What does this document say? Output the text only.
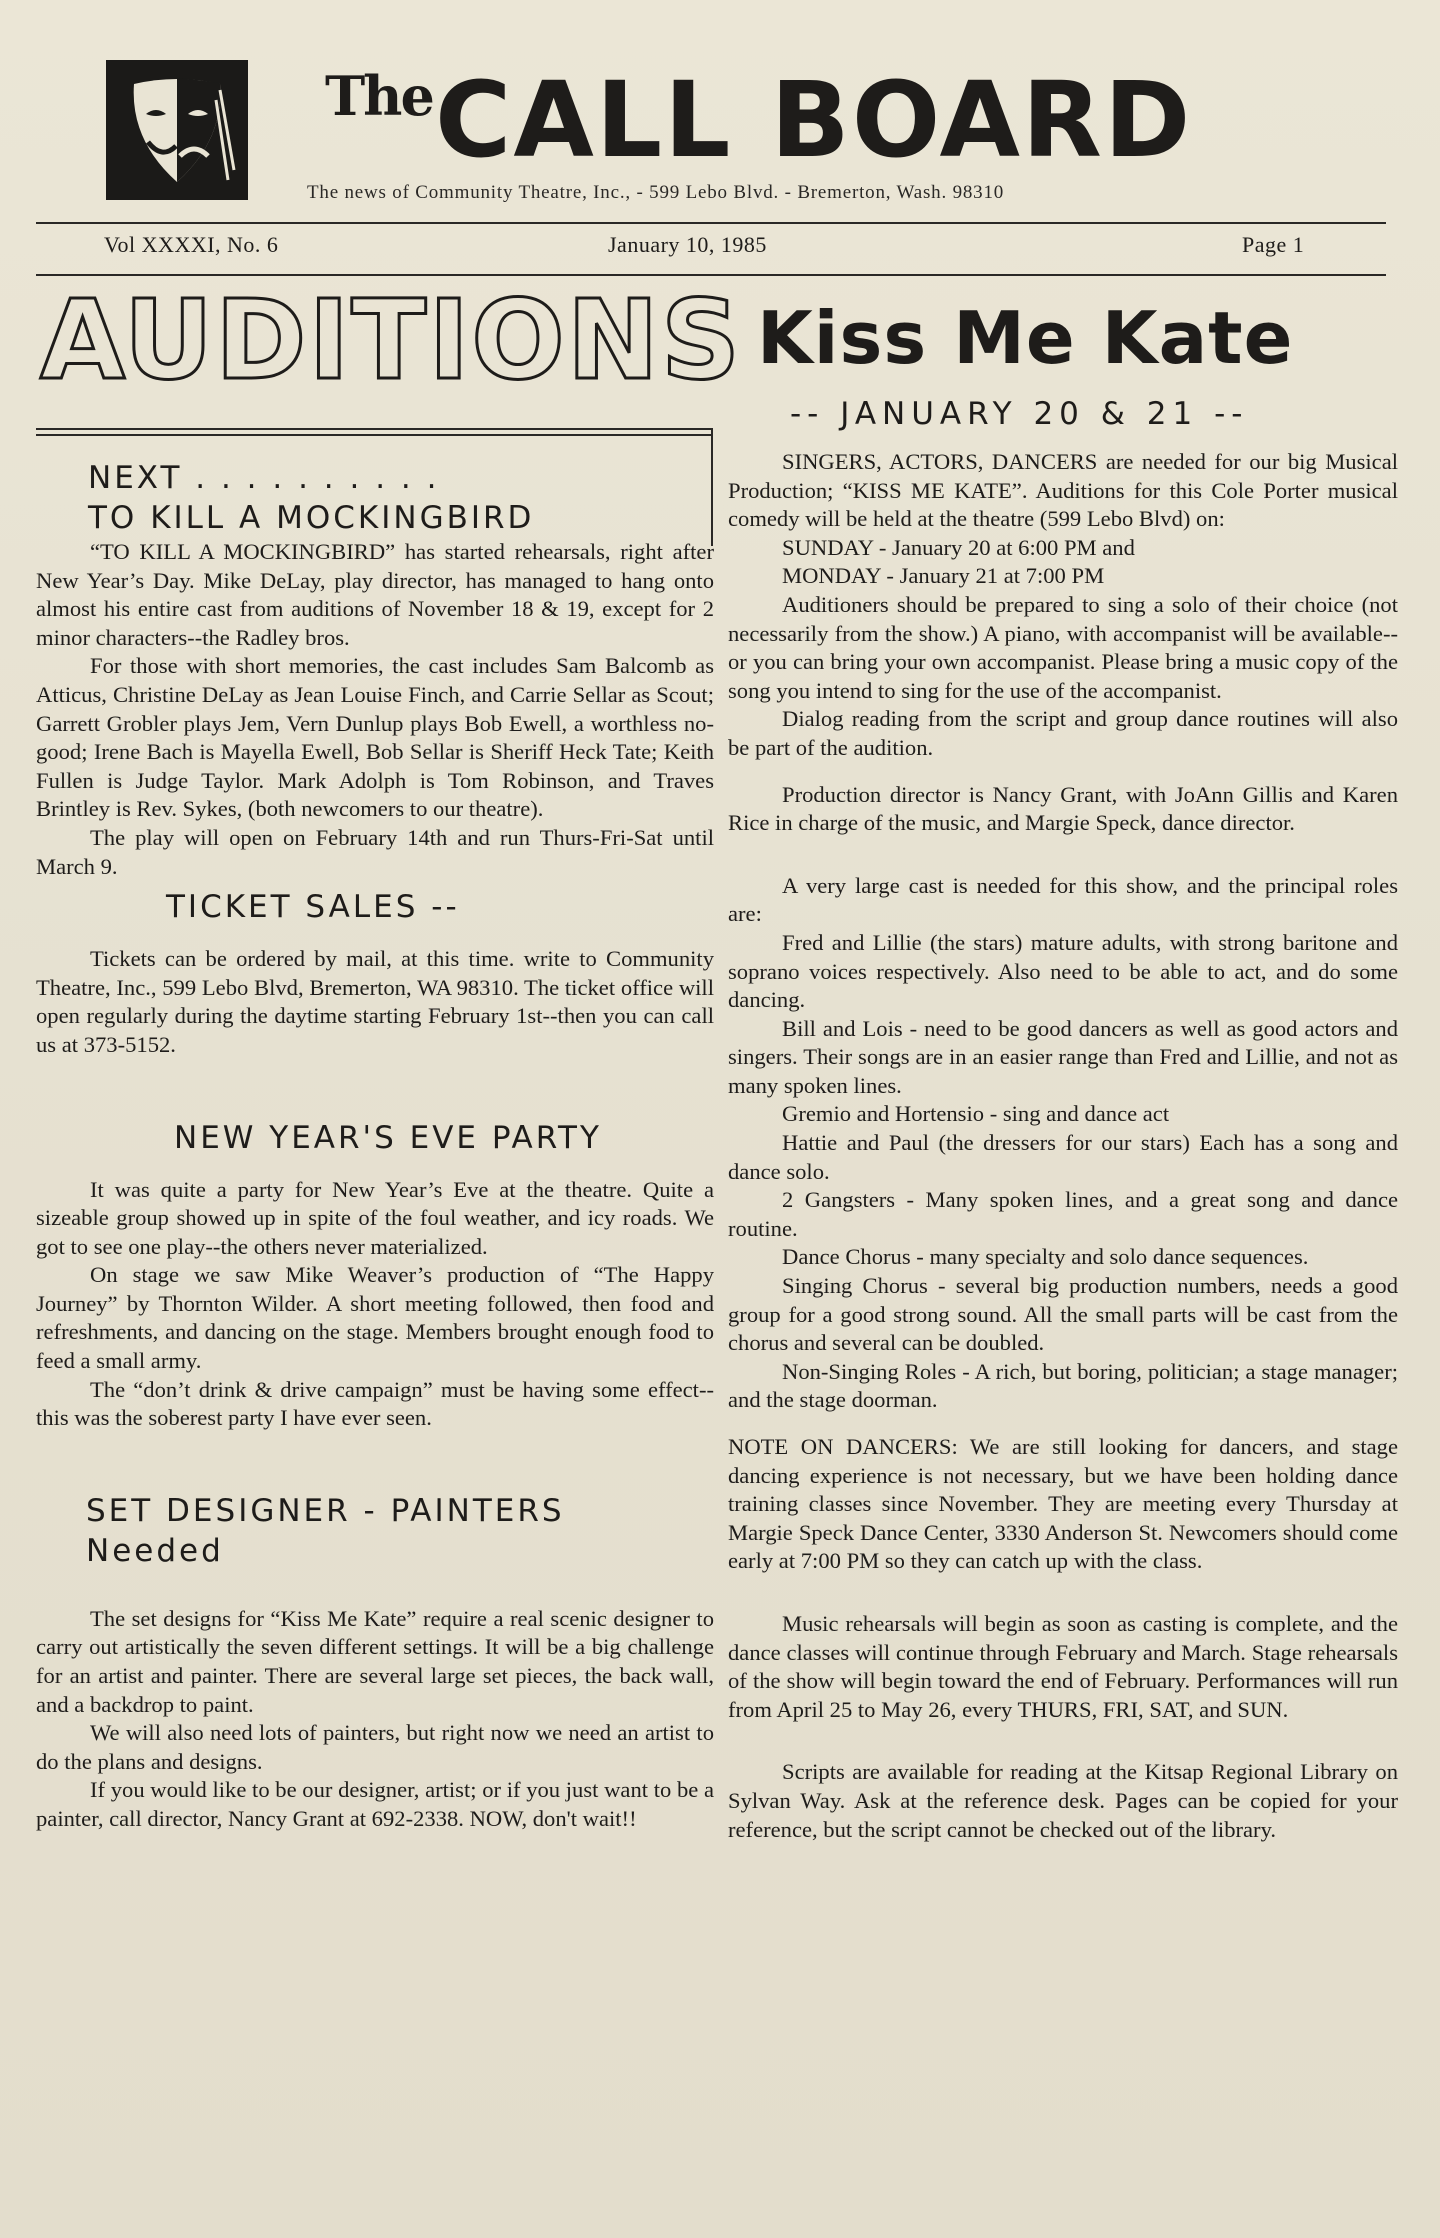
The CALL BOARD
The news of Community Theatre, Inc., - 599 Lebo Blvd. - Bremerton, Wash. 98310
Vol XXXXI, No. 6	January 10, 1985	Page 1
AUDITIONS Kiss Me Kate
-- JANUARY 20 & 21 --

NEXT . . . . . . . . . .

TO KILL A MOCKINGBIRD

“TO KILL A MOCKINGBIRD” has started rehearsals, right after New Year’s Day. Mike DeLay, play director, has managed to hang onto almost his entire cast from auditions of November 18 & 19, except for 2 minor characters--the Radley bros.

For those with short memories, the cast includes Sam Balcomb as Atticus, Christine DeLay as Jean Louise Finch, and Carrie Sellar as Scout; Garrett Grobler plays Jem, Vern Dunlup plays Bob Ewell, a worthless no-good; Irene Bach is Mayella Ewell, Bob Sellar is Sheriff Heck Tate; Keith Fullen is Judge Taylor. Mark Adolph is Tom Robinson, and Traves Brintley is Rev. Sykes, (both newcomers to our theatre).

The play will open on February 14th and run Thurs-Fri-Sat until March 9.

TICKET SALES --

Tickets can be ordered by mail, at this time. write to Community Theatre, Inc., 599 Lebo Blvd, Bremerton, WA 98310. The ticket office will open regularly during the daytime starting February 1st--then you can call us at 373-5152.

NEW YEAR'S EVE PARTY

It was quite a party for New Year’s Eve at the theatre. Quite a sizeable group showed up in spite of the foul weather, and icy roads. We got to see one play--the others never materialized.

On stage we saw Mike Weaver’s production of “The Happy Journey” by Thornton Wilder. A short meeting followed, then food and refreshments, and dancing on the stage. Members brought enough food to feed a small army.

The “don’t drink & drive campaign” must be having some effect--this was the soberest party I have ever seen.

SET DESIGNER - PAINTERS Needed

The set designs for “Kiss Me Kate” require a real scenic designer to carry out artistically the seven different settings. It will be a big challenge for an artist and painter. There are several large set pieces, the back wall, and a backdrop to paint.

We will also need lots of painters, but right now we need an artist to do the plans and designs.

If you would like to be our designer, artist; or if you just want to be a painter, call director, Nancy Grant at 692-2338. NOW, don't wait!!

SINGERS, ACTORS, DANCERS are needed for our big Musical Production; “KISS ME KATE”. Auditions for this Cole Porter musical comedy will be held at the theatre (599 Lebo Blvd) on:

SUNDAY - January 20 at 6:00 PM and

MONDAY - January 21 at 7:00 PM

Auditioners should be prepared to sing a solo of their choice (not necessarily from the show.) A piano, with accompanist will be available--or you can bring your own accompanist. Please bring a music copy of the song you intend to sing for the use of the accompanist.

Dialog reading from the script and group dance routines will also be part of the audition.

Production director is Nancy Grant, with JoAnn Gillis and Karen Rice in charge of the music, and Margie Speck, dance director.

A very large cast is needed for this show, and the principal roles are:

Fred and Lillie (the stars) mature adults, with strong baritone and soprano voices respectively. Also need to be able to act, and do some dancing.

Bill and Lois - need to be good dancers as well as good actors and singers. Their songs are in an easier range than Fred and Lillie, and not as many spoken lines.

Gremio and Hortensio - sing and dance act

Hattie and Paul (the dressers for our stars) Each has a song and dance solo.

2 Gangsters - Many spoken lines, and a great song and dance routine.

Dance Chorus - many specialty and solo dance sequences.

Singing Chorus - several big production numbers, needs a good group for a good strong sound. All the small parts will be cast from the chorus and several can be doubled.

Non-Singing Roles - A rich, but boring, politician; a stage manager; and the stage doorman.

NOTE ON DANCERS: We are still looking for dancers, and stage dancing experience is not necessary, but we have been holding dance training classes since November. They are meeting every Thursday at Margie Speck Dance Center, 3330 Anderson St. Newcomers should come early at 7:00 PM so they can catch up with the class.

Music rehearsals will begin as soon as casting is complete, and the dance classes will continue through February and March. Stage rehearsals of the show will begin toward the end of February. Performances will run from April 25 to May 26, every THURS, FRI, SAT, and SUN.

Scripts are available for reading at the Kitsap Regional Library on Sylvan Way. Ask at the reference desk. Pages can be copied for your reference, but the script cannot be checked out of the library.
